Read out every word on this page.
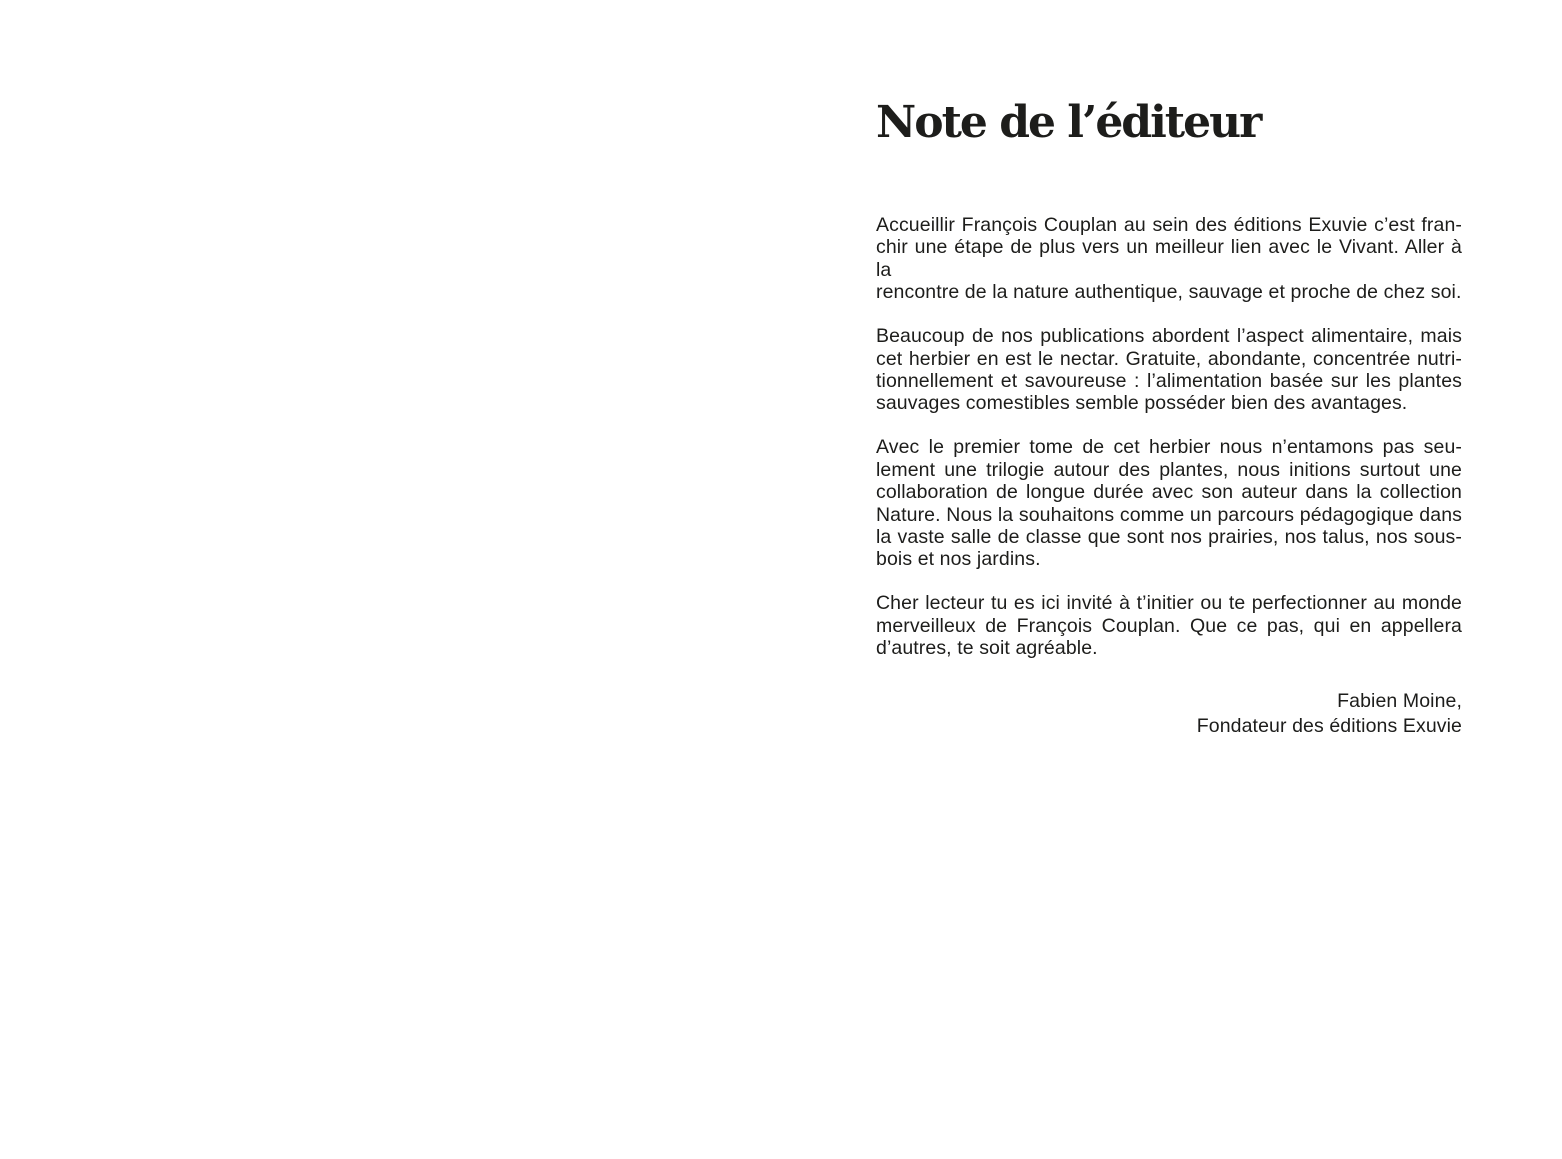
Note de l’éditeur
Accueillir François Couplan au sein des éditions Exuvie c’est fran-
chir une étape de plus vers un meilleur lien avec le Vivant. Aller à la
rencontre de la nature authentique, sauvage et proche de chez soi.
Beaucoup de nos publications abordent l’aspect alimentaire, mais
cet herbier en est le nectar. Gratuite, abondante, concentrée nutri-
tionnellement et savoureuse : l’alimentation basée sur les plantes
sauvages comestibles semble posséder bien des avantages.
Avec le premier tome de cet herbier nous n’entamons pas seu-
lement une trilogie autour des plantes, nous initions surtout une
collaboration de longue durée avec son auteur dans la collection
Nature. Nous la souhaitons comme un parcours pédagogique dans
la vaste salle de classe que sont nos prairies, nos talus, nos sous-
bois et nos jardins.
Cher lecteur tu es ici invité à t’initier ou te perfectionner au monde
merveilleux de François Couplan. Que ce pas, qui en appellera
d’autres, te soit agréable.
Fabien Moine,
Fondateur des éditions Exuvie
